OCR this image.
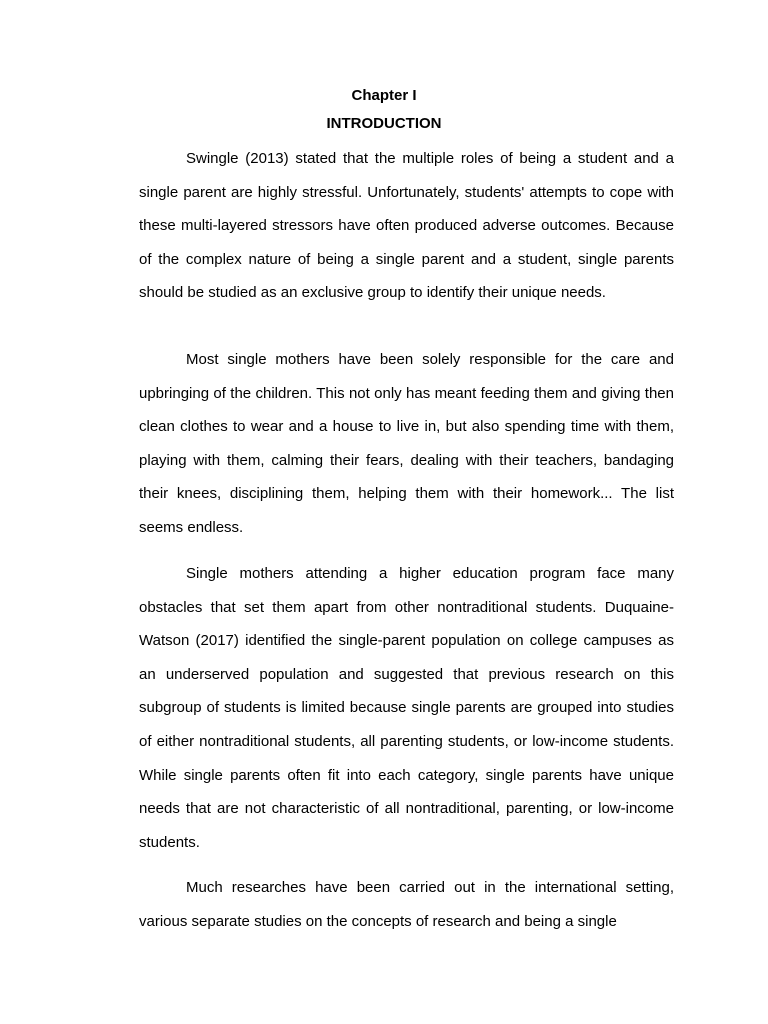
Chapter I
INTRODUCTION

Swingle (2013) stated that the multiple roles of being a student and a single parent are highly stressful. Unfortunately, students' attempts to cope with these multi-layered stressors have often produced adverse outcomes. Because of the complex nature of being a single parent and a student, single parents should be studied as an exclusive group to identify their unique needs.

Most single mothers have been solely responsible for the care and upbringing of the children. This not only has meant feeding them and giving then clean clothes to wear and a house to live in, but also spending time with them, playing with them, calming their fears, dealing with their teachers, bandaging their knees, disciplining them, helping them with their homework... The list seems endless.

Single mothers attending a higher education program face many obstacles that set them apart from other nontraditional students. Duquaine-Watson (2017) identified the single-parent population on college campuses as an underserved population and suggested that previous research on this subgroup of students is limited because single parents are grouped into studies of either nontraditional students, all parenting students, or low-income students. While single parents often fit into each category, single parents have unique needs that are not characteristic of all nontraditional, parenting, or low-income students.

Much researches have been carried out in the international setting, various separate studies on the concepts of research and being a single
